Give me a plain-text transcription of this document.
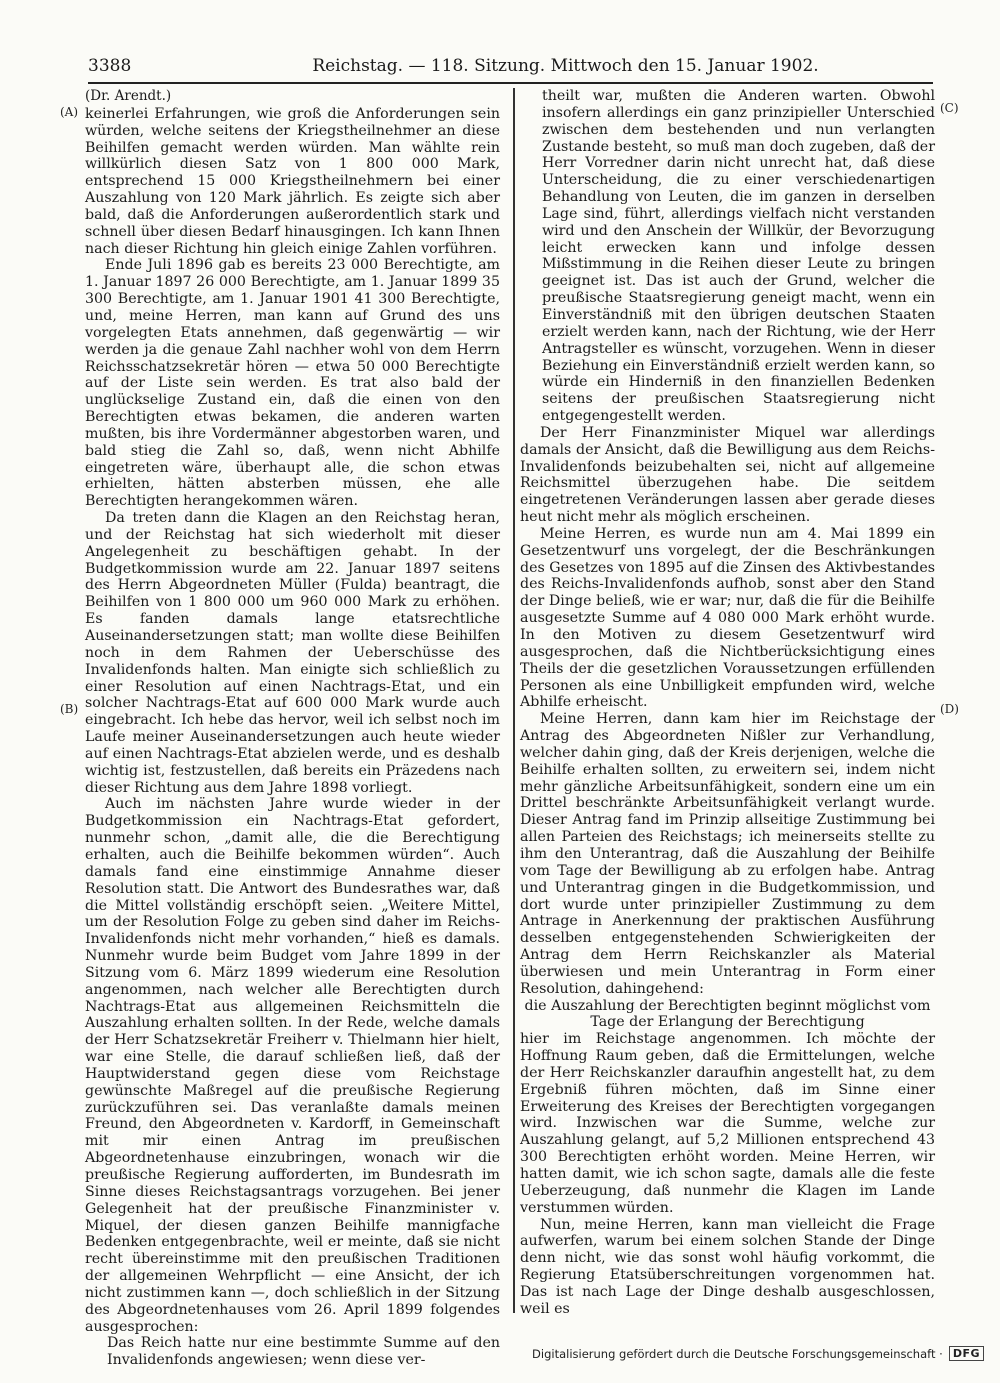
3388	Reichstag. — 118. Sitzung. Mittwoch den 15. Januar 1902.
(A)
(B)
(C)
(D)

(Dr. Arendt.)

keinerlei Erfahrungen, wie groß die Anforderungen sein würden, welche seitens der Kriegstheilnehmer an diese Beihilfen gemacht werden würden. Man wählte rein willkürlich diesen Satz von 1 800 000 Mark, entsprechend 15 000 Kriegstheilnehmern bei einer Auszahlung von 120 Mark jährlich. Es zeigte sich aber bald, daß die Anforderungen außerordentlich stark und schnell über diesen Bedarf hinausgingen. Ich kann Ihnen nach dieser Richtung hin gleich einige Zahlen vorführen.

Ende Juli 1896 gab es bereits 23 000 Berechtigte, am 1. Januar 1897 26 000 Berechtigte, am 1. Januar 1899 35 300 Berechtigte, am 1. Januar 1901 41 300 Berechtigte, und, meine Herren, man kann auf Grund des uns vorgelegten Etats annehmen, daß gegenwärtig — wir werden ja die genaue Zahl nachher wohl von dem Herrn Reichsschatzsekretär hören — etwa 50 000 Berechtigte auf der Liste sein werden. Es trat also bald der unglückselige Zustand ein, daß die einen von den Berechtigten etwas bekamen, die anderen warten mußten, bis ihre Vordermänner abgestorben waren, und bald stieg die Zahl so, daß, wenn nicht Abhilfe eingetreten wäre, überhaupt alle, die schon etwas erhielten, hätten absterben müssen, ehe alle Berechtigten herangekommen wären.

Da treten dann die Klagen an den Reichstag heran, und der Reichstag hat sich wiederholt mit dieser Angelegenheit zu beschäftigen gehabt. In der Budgetkommission wurde am 22. Januar 1897 seitens des Herrn Abgeordneten Müller (Fulda) beantragt, die Beihilfen von 1 800 000 um 960 000 Mark zu erhöhen. Es fanden damals lange etatsrechtliche Auseinandersetzungen statt; man wollte diese Beihilfen noch in dem Rahmen der Ueberschüsse des Invalidenfonds halten. Man einigte sich schließlich zu einer Resolution auf einen Nachtrags-Etat, und ein solcher Nachtrags-Etat auf 600 000 Mark wurde auch eingebracht. Ich hebe das hervor, weil ich selbst noch im Laufe meiner Auseinandersetzungen auch heute wieder auf einen Nachtrags-Etat abzielen werde, und es deshalb wichtig ist, festzustellen, daß bereits ein Präzedens nach dieser Richtung aus dem Jahre 1898 vorliegt.

Auch im nächsten Jahre wurde wieder in der Budgetkommission ein Nachtrags-Etat gefordert, nunmehr schon, „damit alle, die die Berechtigung erhalten, auch die Beihilfe bekommen würden“. Auch damals fand eine einstimmige Annahme dieser Resolution statt. Die Antwort des Bundesrathes war, daß die Mittel vollständig erschöpft seien. „Weitere Mittel, um der Resolution Folge zu geben sind daher im Reichs-Invalidenfonds nicht mehr vorhanden,“ hieß es damals. Nunmehr wurde beim Budget vom Jahre 1899 in der Sitzung vom 6. März 1899 wiederum eine Resolution angenommen, nach welcher alle Berechtigten durch Nachtrags-Etat aus allgemeinen Reichsmitteln die Auszahlung erhalten sollten. In der Rede, welche damals der Herr Schatzsekretär Freiherr v. Thielmann hier hielt, war eine Stelle, die darauf schließen ließ, daß der Hauptwiderstand gegen diese vom Reichstage gewünschte Maßregel auf die preußische Regierung zurückzuführen sei. Das veranlaßte damals meinen Freund, den Abgeordneten v. Kardorff, in Gemeinschaft mit mir einen Antrag im preußischen Abgeordnetenhause einzubringen, wonach wir die preußische Regierung aufforderten, im Bundesrath im Sinne dieses Reichstagsantrags vorzugehen. Bei jener Gelegenheit hat der preußische Finanzminister v. Miquel, der diesen ganzen Beihilfe mannigfache Bedenken entgegenbrachte, weil er meinte, daß sie nicht recht übereinstimme mit den preußischen Traditionen der allgemeinen Wehrpflicht — eine Ansicht, der ich nicht zustimmen kann —, doch schließlich in der Sitzung des Abgeordnetenhauses vom 26. April 1899 folgendes ausgesprochen:

Das Reich hatte nur eine bestimmte Summe auf den Invalidenfonds angewiesen; wenn diese ver-

theilt war, mußten die Anderen warten. Obwohl insofern allerdings ein ganz prinzipieller Unterschied zwischen dem bestehenden und nun verlangten Zustande besteht, so muß man doch zugeben, daß der Herr Vorredner darin nicht unrecht hat, daß diese Unterscheidung, die zu einer verschiedenartigen Behandlung von Leuten, die im ganzen in derselben Lage sind, führt, allerdings vielfach nicht verstanden wird und den Anschein der Willkür, der Bevorzugung leicht erwecken kann und infolge dessen Mißstimmung in die Reihen dieser Leute zu bringen geeignet ist. Das ist auch der Grund, welcher die preußische Staatsregierung geneigt macht, wenn ein Einverständniß mit den übrigen deutschen Staaten erzielt werden kann, nach der Richtung, wie der Herr Antragsteller es wünscht, vorzugehen. Wenn in dieser Beziehung ein Einverständniß erzielt werden kann, so würde ein Hinderniß in den finanziellen Bedenken seitens der preußischen Staatsregierung nicht entgegengestellt werden.

Der Herr Finanzminister Miquel war allerdings damals der Ansicht, daß die Bewilligung aus dem Reichs-Invalidenfonds beizubehalten sei, nicht auf allgemeine Reichsmittel überzugehen habe. Die seitdem eingetretenen Veränderungen lassen aber gerade dieses heut nicht mehr als möglich erscheinen.

Meine Herren, es wurde nun am 4. Mai 1899 ein Gesetzentwurf uns vorgelegt, der die Beschränkungen des Gesetzes von 1895 auf die Zinsen des Aktivbestandes des Reichs-Invalidenfonds aufhob, sonst aber den Stand der Dinge beließ, wie er war; nur, daß die für die Beihilfe ausgesetzte Summe auf 4 080 000 Mark erhöht wurde. In den Motiven zu diesem Gesetzentwurf wird ausgesprochen, daß die Nichtberücksichtigung eines Theils der die gesetzlichen Voraussetzungen erfüllenden Personen als eine Unbilligkeit empfunden wird, welche Abhilfe erheischt.

Meine Herren, dann kam hier im Reichstage der Antrag des Abgeordneten Nißler zur Verhandlung, welcher dahin ging, daß der Kreis derjenigen, welche die Beihilfe erhalten sollten, zu erweitern sei, indem nicht mehr gänzliche Arbeitsunfähigkeit, sondern eine um ein Drittel beschränkte Arbeitsunfähigkeit verlangt wurde. Dieser Antrag fand im Prinzip allseitige Zustimmung bei allen Parteien des Reichstags; ich meinerseits stellte zu ihm den Unterantrag, daß die Auszahlung der Beihilfe vom Tage der Bewilligung ab zu erfolgen habe. Antrag und Unterantrag gingen in die Budgetkommission, und dort wurde unter prinzipieller Zustimmung zu dem Antrage in Anerkennung der praktischen Ausführung desselben entgegenstehenden Schwierigkeiten der Antrag dem Herrn Reichskanzler als Material überwiesen und mein Unterantrag in Form einer Resolution, dahingehend:

die Auszahlung der Berechtigten beginnt möglichst vom Tage der Erlangung der Berechtigung

hier im Reichstage angenommen. Ich möchte der Hoffnung Raum geben, daß die Ermittelungen, welche der Herr Reichskanzler daraufhin angestellt hat, zu dem Ergebniß führen möchten, daß im Sinne einer Erweiterung des Kreises der Berechtigten vorgegangen wird. Inzwischen war die Summe, welche zur Auszahlung gelangt, auf 5,2 Millionen entsprechend 43 300 Berechtigten erhöht worden. Meine Herren, wir hatten damit, wie ich schon sagte, damals alle die feste Ueberzeugung, daß nunmehr die Klagen im Lande verstummen würden.

Nun, meine Herren, kann man vielleicht die Frage aufwerfen, warum bei einem solchen Stande der Dinge denn nicht, wie das sonst wohl häufig vorkommt, die Regierung Etatsüberschreitungen vorgenommen hat. Das ist nach Lage der Dinge deshalb ausgeschlossen, weil es

Digitalisierung gefördert durch die Deutsche Forschungsgemeinschaft · DFG
